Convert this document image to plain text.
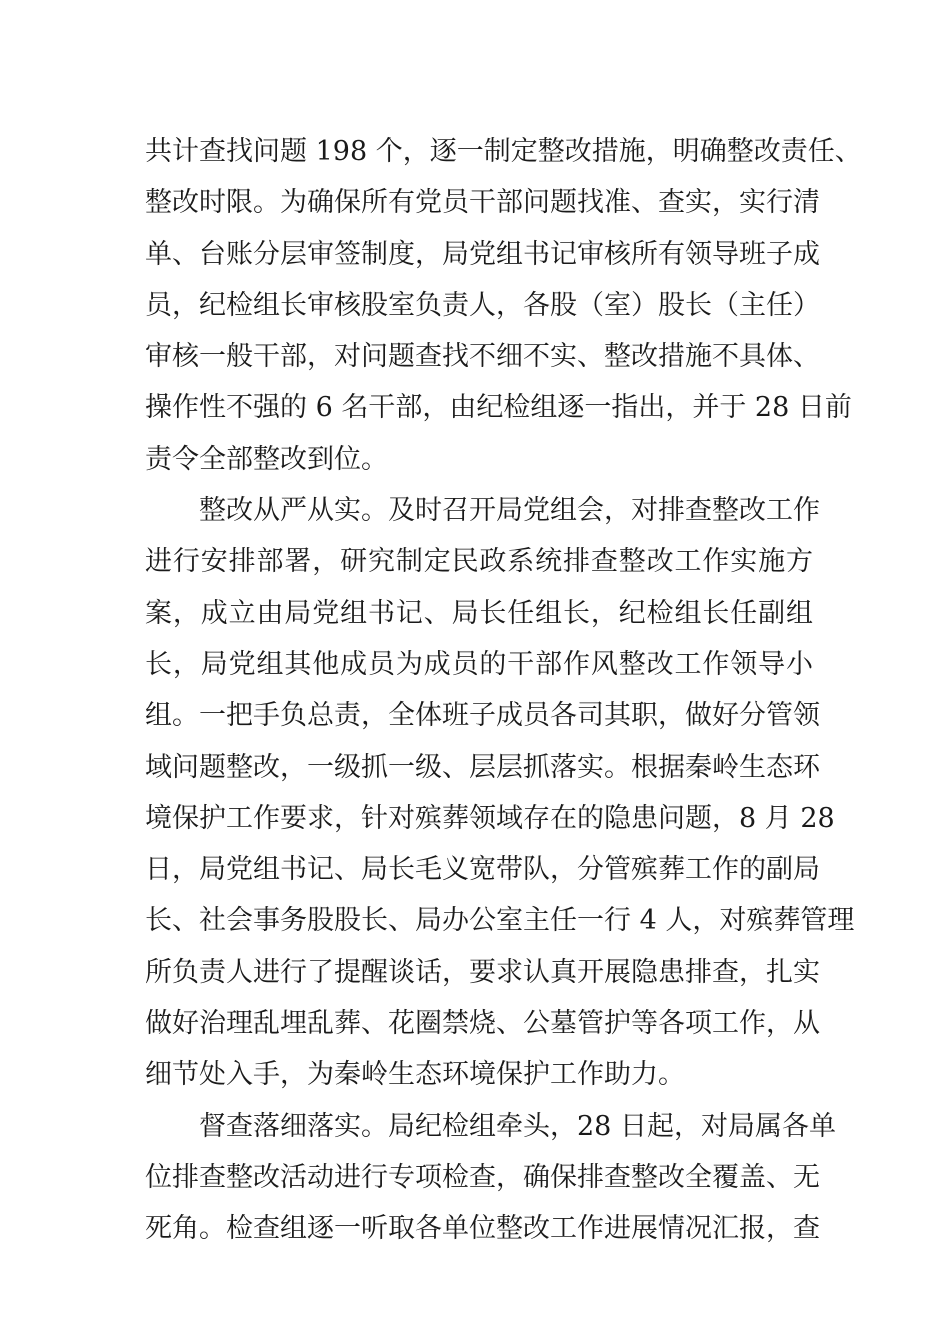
共计查找问题 198 个，逐一制定整改措施，明确整改责任、
整改时限。为确保所有党员干部问题找准、查实，实行清
单、台账分层审签制度，局党组书记审核所有领导班子成
员，纪检组长审核股室负责人，各股（室）股长（主任）
审核一般干部，对问题查找不细不实、整改措施不具体、
操作性不强的 6 名干部，由纪检组逐一指出，并于 28 日前
责令全部整改到位。
整改从严从实。及时召开局党组会，对排查整改工作
进行安排部署，研究制定民政系统排查整改工作实施方
案，成立由局党组书记、局长任组长，纪检组长任副组
长，局党组其他成员为成员的干部作风整改工作领导小
组。一把手负总责，全体班子成员各司其职，做好分管领
域问题整改，一级抓一级、层层抓落实。根据秦岭生态环
境保护工作要求，针对殡葬领域存在的隐患问题，8 月 28
日，局党组书记、局长毛义宽带队，分管殡葬工作的副局
长、社会事务股股长、局办公室主任一行 4 人，对殡葬管理
所负责人进行了提醒谈话，要求认真开展隐患排查，扎实
做好治理乱埋乱葬、花圈禁烧、公墓管护等各项工作，从
细节处入手，为秦岭生态环境保护工作助力。
督查落细落实。局纪检组牵头，28 日起，对局属各单
位排查整改活动进行专项检查，确保排查整改全覆盖、无
死角。检查组逐一听取各单位整改工作进展情况汇报，查
